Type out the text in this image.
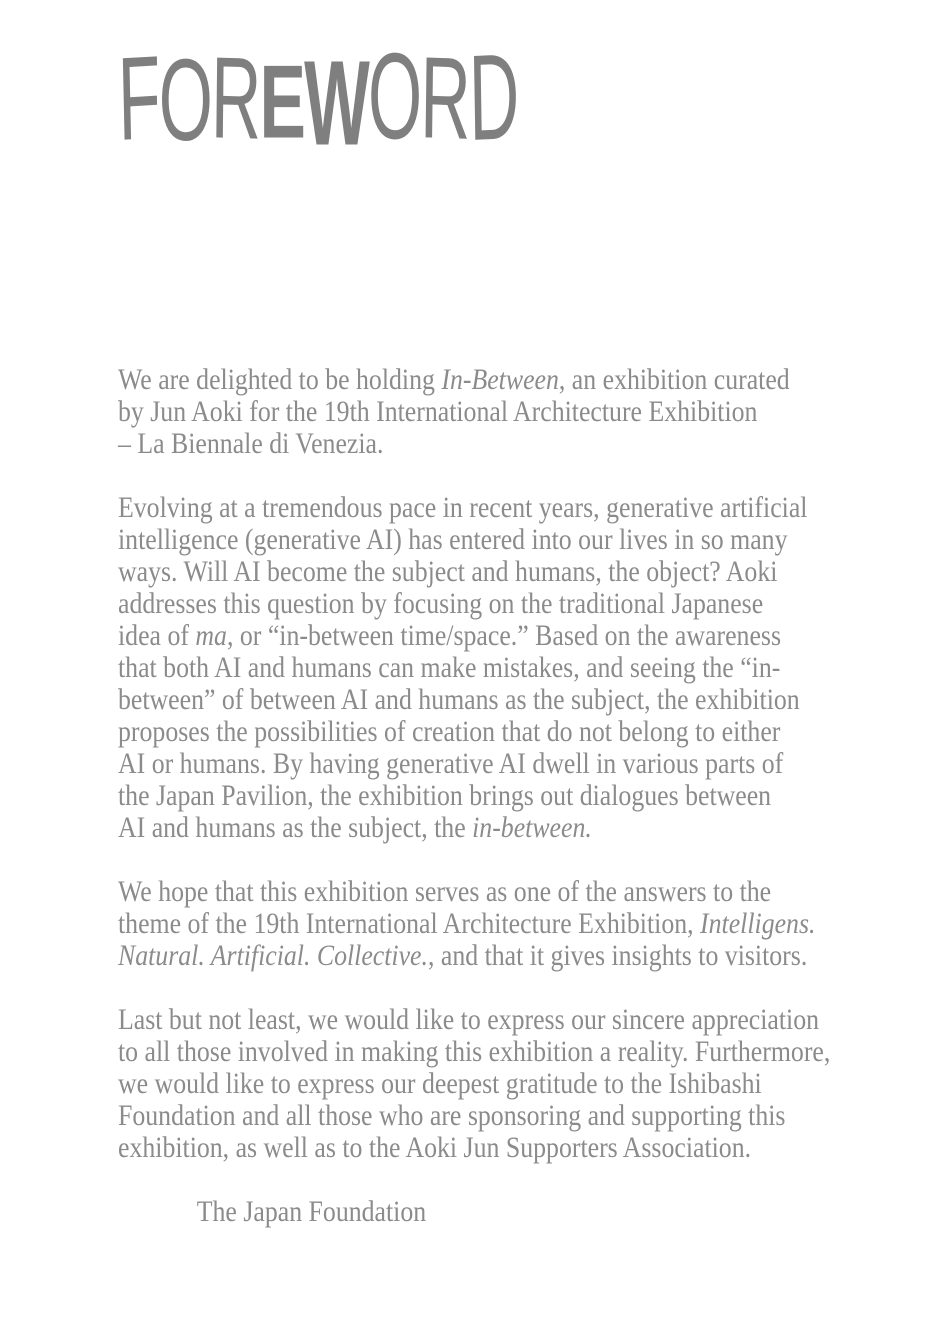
FOREWORD
We are delighted to be holding In-Between, an exhibition curated
by Jun Aoki for the 19th International Architecture Exhibition
– La Biennale di Venezia.
Evolving at a tremendous pace in recent years, generative artificial
intelligence (generative AI) has entered into our lives in so many
ways. Will AI become the subject and humans, the object? Aoki
addresses this question by focusing on the traditional Japanese
idea of ma, or “in-between time/space.” Based on the awareness
that both AI and humans can make mistakes, and seeing the “in-
between” of between AI and humans as the subject, the exhibition
proposes the possibilities of creation that do not belong to either
AI or humans. By having generative AI dwell in various parts of
the Japan Pavilion, the exhibition brings out dialogues between
AI and humans as the subject, the in-between.
We hope that this exhibition serves as one of the answers to the
theme of the 19th International Architecture Exhibition, Intelligens.
Natural. Artificial. Collective., and that it gives insights to visitors.
Last but not least, we would like to express our sincere appreciation
to all those involved in making this exhibition a reality. Furthermore,
we would like to express our deepest gratitude to the Ishibashi
Foundation and all those who are sponsoring and supporting this
exhibition, as well as to the Aoki Jun Supporters Association.
The Japan Foundation
